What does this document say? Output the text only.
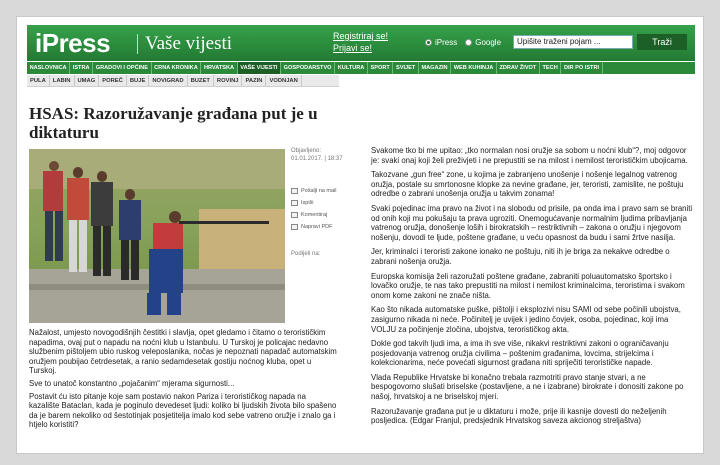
iPress Vaše vijesti	Registriraj se!
Prijavi se!
iPress Google	Upišite traženi pojam ...	Traži
NASLOVNICA	ISTRA	GRADOVI I OPĆINE	CRNA KRONIKA	HRVATSKA	VAŠE VIJESTI	GOSPODARSTVO	KULTURA	SPORT	SVIJET	MAGAZIN	WEB KUHINJA	ZDRAV ŽIVOT	TECH	DIR PO ISTRI
PULA	LABIN	UMAG	POREČ	BUJE	NOVIGRAD	BUZET	ROVINJ	PAZIN	VODNJAN
HSAS: Razoružavanje građana put je u diktaturu
Objavljeno:
01.01.2017. | 18:37
Pošalji na mail
Ispiši
Komentiraj
Napravi PDF
Podijeli na:

Nažalost, umjesto novogodišnjih čestitki i slavlja, opet gledamo i čitamo o terorističkim napadima, ovaj put o napadu na noćni klub u Istanbulu. U Turskoj je policajac nedavno službenim pištoljem ubio ruskog veleposlanika, nočas je nepoznati napadač automatskim oružjem poubijao četrdesetak, a ranio sedamdesetak gostiju noćnog kluba, opet u Turskoj.

Sve to unatoč konstantno „pojačanim“ mjerama sigurnosti...

Postavit ću isto pitanje koje sam postavio nakon Pariza i terorističkog napada na kazalište Bataclan, kada je poginulo devedeset ljudi: koliko bi ljudskih života bilo spašeno da je barem nekoliko od šestotinjak posjetitelja imalo kod sebe vatreno oružje i znalo ga i htjelo koristiti?

Svakome tko bi me upitao: „tko normalan nosi oružje sa sobom u noćni klub“?, moj odgovor je: svaki onaj koji želi preživjeti i ne prepustiti se na milost i nemilost terorističkim ubojicama.

Takozvane „gun free“ zone, u kojima je zabranjeno unošenje i nošenje legalnog vatrenog oružja, postale su smrtonosne klopke za nevine građane, jer, teroristi, zamislite, ne poštuju odredbe o zabrani unošenja oružja u takvim zonama!

Svaki pojedinac ima pravo na život i na slobodu od prisile, pa onda ima i pravo sam se braniti od onih koji mu pokušaju ta prava ugroziti. Onemogućavanje normalnim ljudima pribavljanja vatrenog oružja, donošenje loših i birokratskih – restriktivnih – zakona o oružju i njegovom nošenju, dovodi te ljude, poštene građane, u veću opasnost da budu i sami žrtve nasilja.

Jer, kriminalci i teroristi zakone ionako ne poštuju, niti ih je briga za nekakve odredbe o zabrani nošenja oružja.

Europska komisija želi razoružati poštene građane, zabraniti poluautomatsko športsko i lovačko oružje, te nas tako prepustiti na milost i nemilost kriminalcima, teroristima i svakom onom kome zakoni ne znače ništa.

Kao što nikada automatske puške, pištolji i eksplozivi nisu SAMI od sebe počinili ubojstva, zasigurno nikada ni neće. Počinitelj je uvijek i jedino čovjek, osoba, pojedinac, koji ima VOLJU za počinjenje zločina, ubojstva, terorističkog akta.

Dokle god takvih ljudi ima, a ima ih sve više, nikakvi restriktivni zakoni o ograničavanju posjedovanja vatrenog oružja civilima – poštenim građanima, lovcima, strijelcima i kolekcionarima, neće povećati sigurnost građana niti spriječiti terorističke napade.

Vlada Republike Hrvatske bi konačno trebala razmotriti pravo stanje stvari, a ne bespogovorno slušati briselske (postavljene, a ne i izabrane) birokrate i donositi zakone po našoj, hrvatskoj a ne briselskoj mjeri.

Razoružavanje građana put je u diktaturu i može, prije ili kasnije dovesti do neželjenih posljedica. (Edgar Franjul, predsjednik Hrvatskog saveza akcionog streljaštva)
